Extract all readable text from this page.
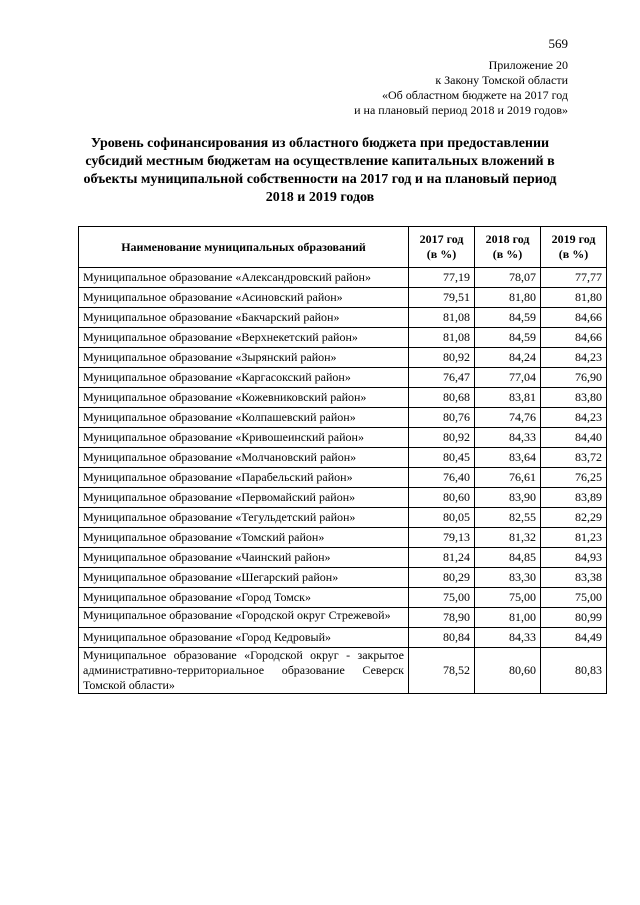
569
Приложение 20
к Закону Томской области
«Об областном бюджете на 2017 год
и на плановый период 2018 и 2019 годов»
Уровень софинансирования из областного бюджета при предоставлении субсидий местным бюджетам на осуществление капитальных вложений в объекты муниципальной собственности на 2017 год и на плановый период 2018 и 2019 годов
Наименование муниципальных образований	2017 год (в %)	2018 год (в %)	2019 год (в %)
Муниципальное образование «Александровский район»	77,19	78,07	77,77
Муниципальное образование «Асиновский район»	79,51	81,80	81,80
Муниципальное образование «Бакчарский район»	81,08	84,59	84,66
Муниципальное образование «Верхнекетский район»	81,08	84,59	84,66
Муниципальное образование «Зырянский район»	80,92	84,24	84,23
Муниципальное образование «Каргасокский район»	76,47	77,04	76,90
Муниципальное образование «Кожевниковский район»	80,68	83,81	83,80
Муниципальное образование «Колпашевский район»	80,76	74,76	84,23
Муниципальное образование «Кривошеинский район»	80,92	84,33	84,40
Муниципальное образование «Молчановский район»	80,45	83,64	83,72
Муниципальное образование «Парабельский район»	76,40	76,61	76,25
Муниципальное образование «Первомайский район»	80,60	83,90	83,89
Муниципальное образование «Тегульдетский район»	80,05	82,55	82,29
Муниципальное образование «Томский район»	79,13	81,32	81,23
Муниципальное образование «Чаинский район»	81,24	84,85	84,93
Муниципальное образование «Шегарский район»	80,29	83,30	83,38
Муниципальное образование «Город Томск»	75,00	75,00	75,00
Муниципальное образование «Городской округ Стрежевой»	78,90	81,00	80,99
Муниципальное образование «Город Кедровый»	80,84	84,33	84,49
Муниципальное образование «Городской округ - закрытое административно-территориальное образование Северск Томской области»	78,52	80,60	80,83
